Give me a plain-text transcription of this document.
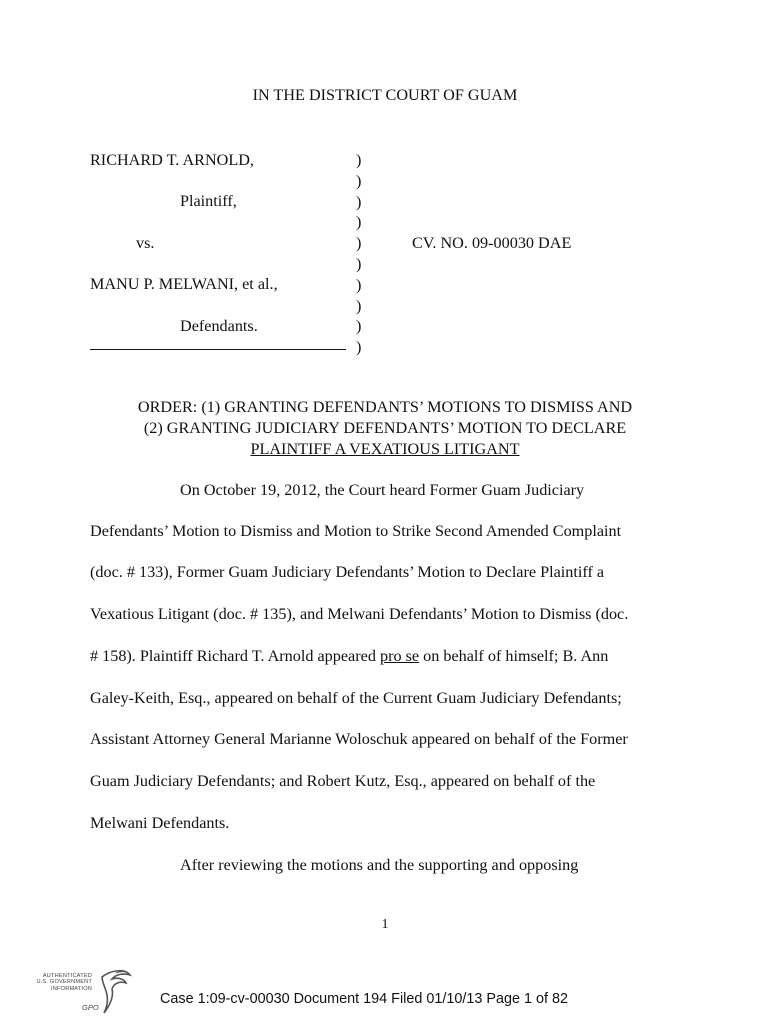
IN THE DISTRICT COURT OF GUAM
RICHARD T. ARNOLD,
Plaintiff,
vs.
MANU P. MELWANI, et al.,
Defendants.
)
)
)
)
)
)
)
)
)
)
CV. NO. 09-00030 DAE
ORDER: (1) GRANTING DEFENDANTS’ MOTIONS TO DISMISS AND
(2) GRANTING JUDICIARY DEFENDANTS’ MOTION TO DECLARE
PLAINTIFF A VEXATIOUS LITIGANT
On October 19, 2012, the Court heard Former Guam Judiciary
Defendants’ Motion to Dismiss and Motion to Strike Second Amended Complaint
(doc. # 133), Former Guam Judiciary Defendants’ Motion to Declare Plaintiff a
Vexatious Litigant (doc. # 135), and Melwani Defendants’ Motion to Dismiss (doc.
# 158). Plaintiff Richard T. Arnold appeared pro se on behalf of himself; B. Ann
Galey-Keith, Esq., appeared on behalf of the Current Guam Judiciary Defendants;
Assistant Attorney General Marianne Woloschuk appeared on behalf of the Former
Guam Judiciary Defendants; and Robert Kutz, Esq., appeared on behalf of the
Melwani Defendants.
After reviewing the motions and the supporting and opposing
1
AUTHENTICATED
U.S. GOVERNMENT
INFORMATION
GPO
Case 1:09-cv-00030 Document 194 Filed 01/10/13 Page 1 of 82
